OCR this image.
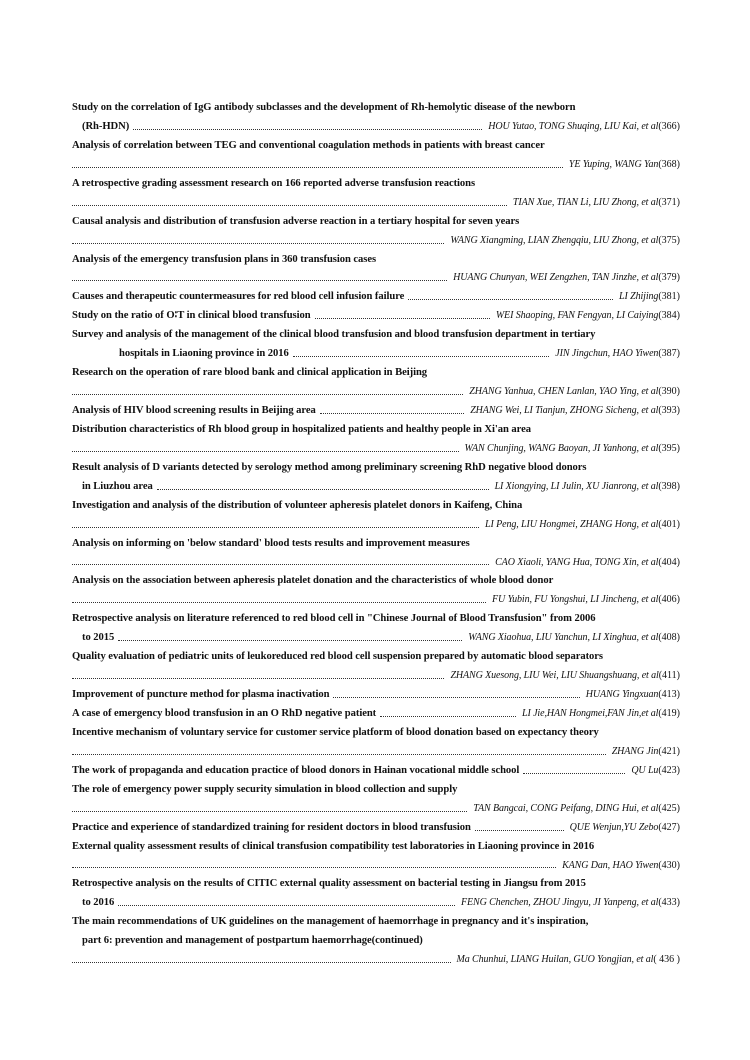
Study on the correlation of IgG antibody subclasses and the development of Rh-hemolytic disease of the newborn
(Rh-HDN)	HOU Yutao, TONG Shuqing, LIU Kai, et al (366)
Analysis of correlation between TEG and conventional coagulation methods in patients with breast cancer
YE Yuping, WANG Yan (368)
A retrospective grading assessment research on 166 reported adverse transfusion reactions
TIAN Xue, TIAN Li, LIU Zhong, et al (371)
Causal analysis and distribution of transfusion adverse reaction in a tertiary hospital for seven years
WANG Xiangming, LIAN Zhengqiu, LIU Zhong, et al (375)
Analysis of the emergency transfusion plans in 360 transfusion cases
HUANG Chunyan, WEI Zengzhen, TAN Jinzhe, et al (379)
Causes and therapeutic countermeasures for red blood cell infusion failure	LI Zhijing (381)
Study on the ratio of O∶T in clinical blood transfusion	WEI Shaoping, FAN Fengyan, LI Caiying (384)
Survey and analysis of the management of the clinical blood transfusion and blood transfusion department in tertiary
hospitals in Liaoning province in 2016	JIN Jingchun, HAO Yiwen (387)
Research on the operation of rare blood bank and clinical application in Beijing
ZHANG Yanhua, CHEN Lanlan, YAO Ying, et al (390)
Analysis of HIV blood screening results in Beijing area	ZHANG Wei, LI Tianjun, ZHONG Sicheng, et al (393)
Distribution characteristics of Rh blood group in hospitalized patients and healthy people in Xi'an area
WAN Chunjing, WANG Baoyan, JI Yanhong, et al (395)
Result analysis of D variants detected by serology method among preliminary screening RhD negative blood donors
in Liuzhou area	LI Xiongying, LI Julin, XU Jianrong, et al (398)
Investigation and analysis of the distribution of volunteer apheresis platelet donors in Kaifeng, China
LI Peng, LIU Hongmei, ZHANG Hong, et al (401)
Analysis on informing on 'below standard' blood tests results and improvement measures
CAO Xiaoli, YANG Hua, TONG Xin, et al (404)
Analysis on the association between apheresis platelet donation and the characteristics of whole blood donor
FU Yubin, FU Yongshui, LI Jincheng, et al (406)
Retrospective analysis on literature referenced to red blood cell in "Chinese Journal of Blood Transfusion" from 2006
to 2015	WANG Xiaohua, LIU Yanchun, LI Xinghua, et al (408)
Quality evaluation of pediatric units of leukoreduced red blood cell suspension prepared by automatic blood separators
ZHANG Xuesong, LIU Wei, LIU Shuangshuang, et al (411)
Improvement of puncture method for plasma inactivation	HUANG Yingxuan (413)
A case of emergency blood transfusion in an O RhD negative patient	LI Jie,HAN Hongmei,FAN Jin,et al (419)
Incentive mechanism of voluntary service for customer service platform of blood donation based on expectancy theory
ZHANG Jin (421)
The work of propaganda and education practice of blood donors in Hainan vocational middle school	QU Lu (423)
The role of emergency power supply security simulation in blood collection and supply
TAN Bangcai, CONG Peifang, DING Hui, et al (425)
Practice and experience of standardized training for resident doctors in blood transfusion	QUE Wenjun,YU Zebo (427)
External quality assessment results of clinical transfusion compatibility test laboratories in Liaoning province in 2016
KANG Dan, HAO Yiwen (430)
Retrospective analysis on the results of CITIC external quality assessment on bacterial testing in Jiangsu from 2015
to 2016	FENG Chenchen, ZHOU Jingyu, JI Yanpeng, et al (433)
The main recommendations of UK guidelines on the management of haemorrhage in pregnancy and it's inspiration,
part 6: prevention and management of postpartum haemorrhage(continued)
Ma Chunhui, LIANG Huilan, GUO Yongjian, et al ( 436 )
